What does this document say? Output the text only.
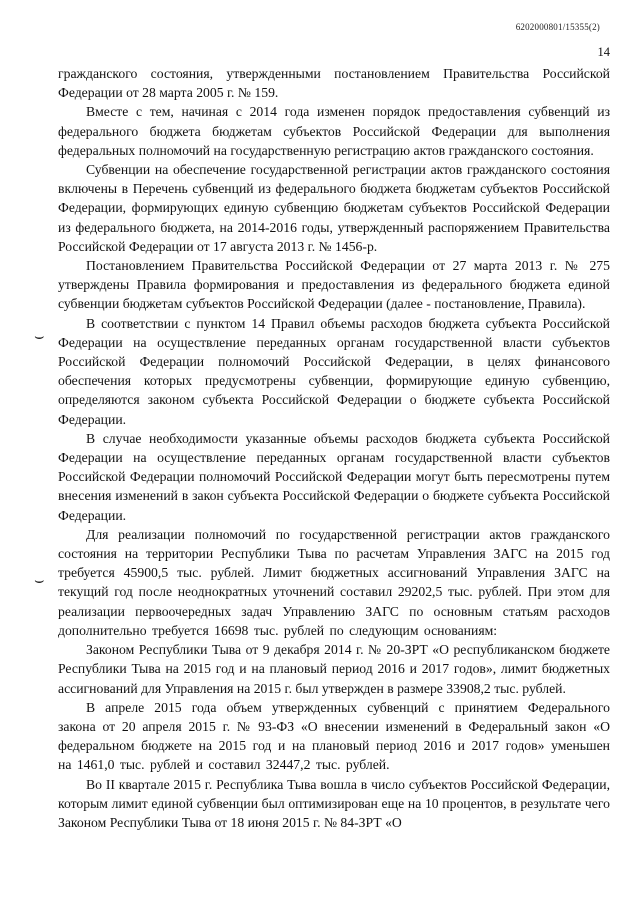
6202000801/15355(2)
14
⌣
⌣

гражданского состояния, утвержденными постановлением Правительства Российской Федерации от 28 марта 2005 г. № 159.

Вместе с тем, начиная с 2014 года изменен порядок предоставления субвенций из федерального бюджета бюджетам субъектов Российской Федерации для выполнения федеральных полномочий на государственную регистрацию актов гражданского состояния.

Субвенции на обеспечение государственной регистрации актов гражданского состояния включены в Перечень субвенций из федерального бюджета бюджетам субъектов Российской Федерации, формирующих единую субвенцию бюджетам субъектов Российской Федерации из федерального бюджета, на 2014-2016 годы, утвержденный распоряжением Правительства Российской Федерации от 17 августа 2013 г. № 1456-р.

Постановлением Правительства Российской Федерации от 27 марта 2013 г. № 275 утверждены Правила формирования и предоставления из федерального бюджета единой субвенции бюджетам субъектов Российской Федерации (далее - постановление, Правила).

В соответствии с пунктом 14 Правил объемы расходов бюджета субъекта Российской Федерации на осуществление переданных органам государственной власти субъектов Российской Федерации полномочий Российской Федерации, в целях финансового обеспечения которых предусмотрены субвенции, формирующие единую субвенцию, определяются законом субъекта Российской Федерации о бюджете субъекта Российской Федерации.

В случае необходимости указанные объемы расходов бюджета субъекта Российской Федерации на осуществление переданных органам государственной власти субъектов Российской Федерации полномочий Российской Федерации могут быть пересмотрены путем внесения изменений в закон субъекта Российской Федерации о бюджете субъекта Российской Федерации.

Для реализации полномочий по государственной регистрации актов гражданского состояния на территории Республики Тыва по расчетам Управления ЗАГС на 2015 год требуется 45900,5 тыс. рублей. Лимит бюджетных ассигнований Управления ЗАГС на текущий год после неоднократных уточнений составил 29202,5 тыс. рублей. При этом для реализации первоочередных задач Управлению ЗАГС по основным статьям расходов дополнительно требуется 16698 тыс. рублей по следующим основаниям:

Законом Республики Тыва от 9 декабря 2014 г. № 20-ЗРТ «О республиканском бюджете Республики Тыва на 2015 год и на плановый период 2016 и 2017 годов», лимит бюджетных ассигнований для Управления на 2015 г. был утвержден в размере 33908,2 тыс. рублей.

В апреле 2015 года объем утвержденных субвенций с принятием Федерального закона от 20 апреля 2015 г. № 93-ФЗ «О внесении изменений в Федеральный закон «О федеральном бюджете на 2015 год и на плановый период 2016 и 2017 годов» уменьшен на 1461,0 тыс. рублей и составил 32447,2 тыс. рублей.

Во II квартале 2015 г. Республика Тыва вошла в число субъектов Российской Федерации, которым лимит единой субвенции был оптимизирован еще на 10 процентов, в результате чего Законом Республики Тыва от 18 июня 2015 г. № 84-ЗРТ «О
